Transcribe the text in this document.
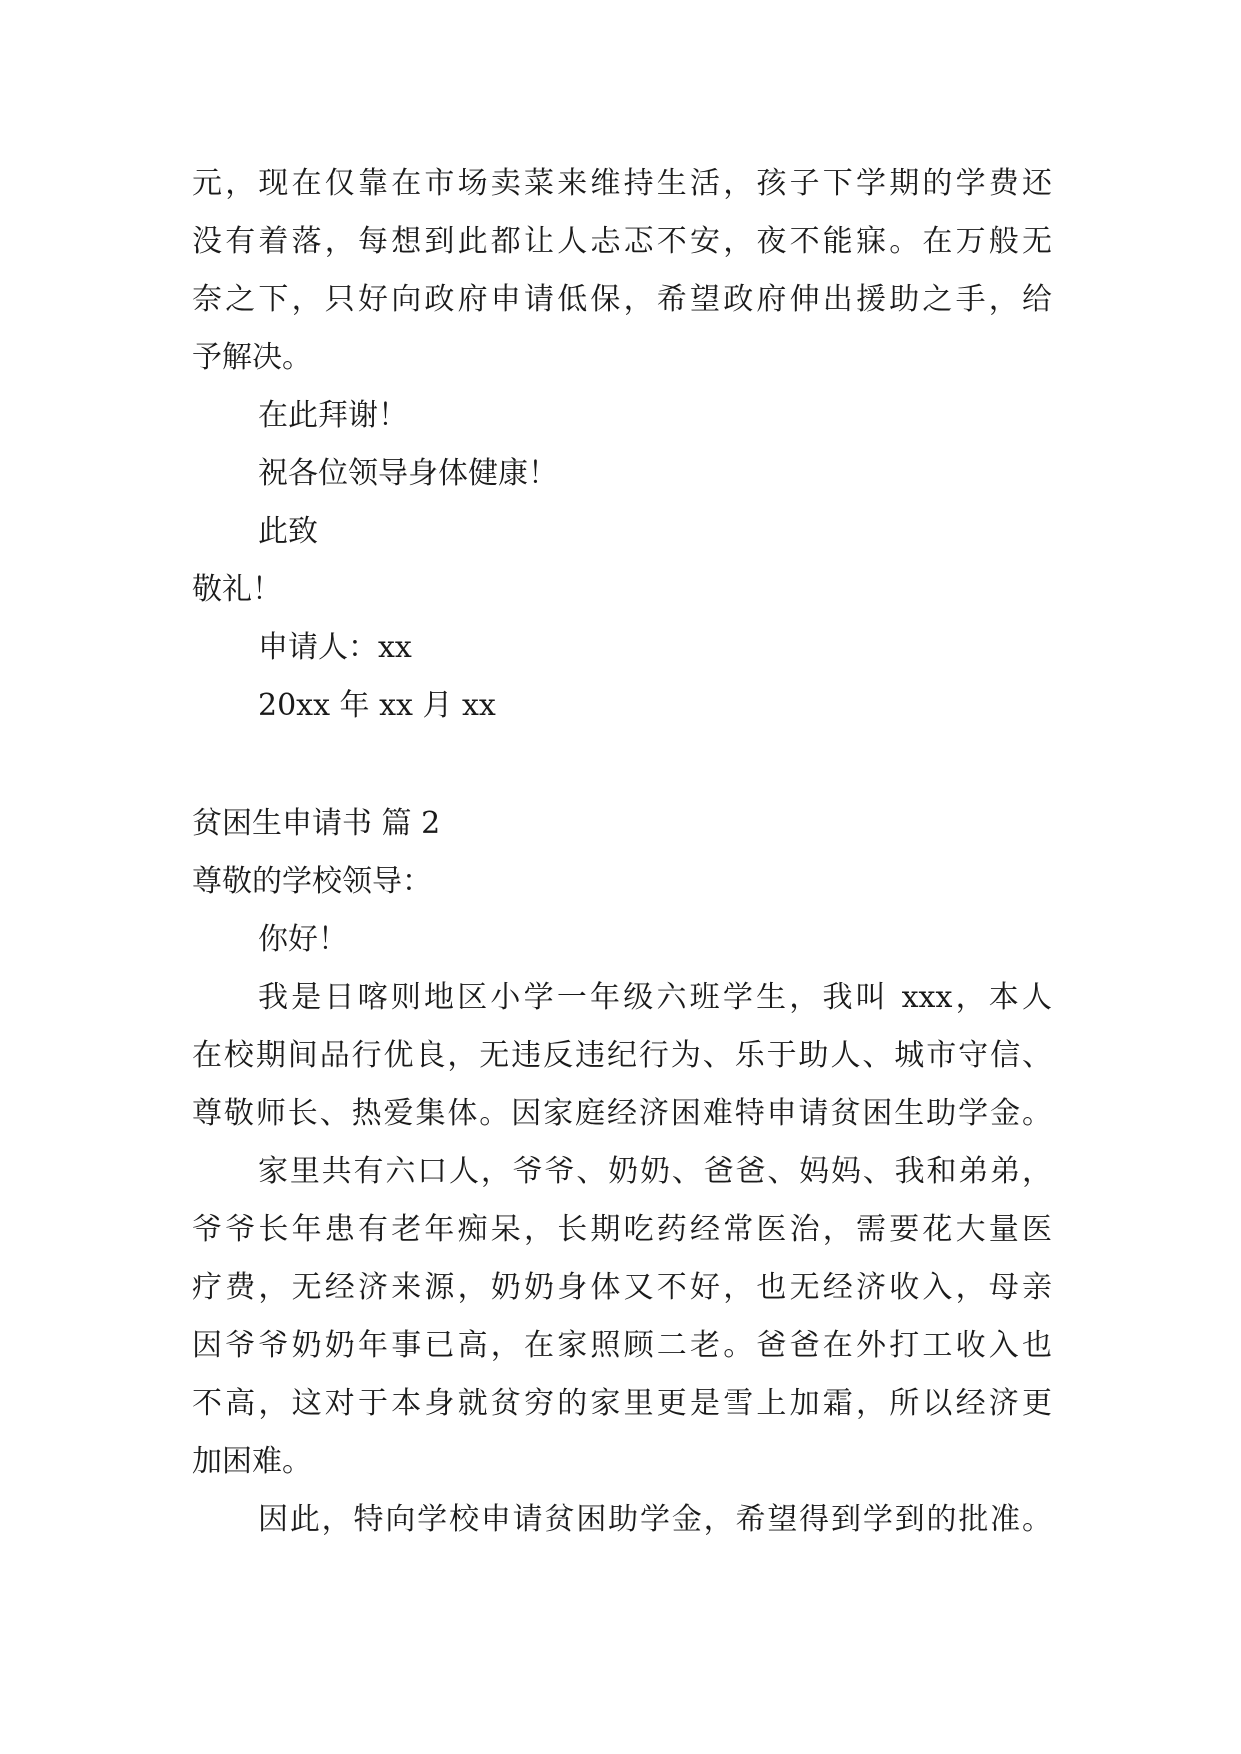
元，现在仅靠在市场卖菜来维持生活，孩子下学期的学费还
没有着落，每想到此都让人忐忑不安，夜不能寐。在万般无
奈之下，只好向政府申请低保，希望政府伸出援助之手，给
予解决。
在此拜谢！
祝各位领导身体健康！
此致
敬礼！
申请人：xx
20xx 年 xx 月 xx
贫困生申请书 篇 2
尊敬的学校领导：
你好！
我是日喀则地区小学一年级六班学生，我叫 xxx，本人
在校期间品行优良，无违反违纪行为、乐于助人、城市守信、
尊敬师长、热爱集体。因家庭经济困难特申请贫困生助学金。
家里共有六口人，爷爷、奶奶、爸爸、妈妈、我和弟弟，
爷爷长年患有老年痴呆，长期吃药经常医治，需要花大量医
疗费，无经济来源，奶奶身体又不好，也无经济收入，母亲
因爷爷奶奶年事已高，在家照顾二老。爸爸在外打工收入也
不高，这对于本身就贫穷的家里更是雪上加霜，所以经济更
加困难。
因此，特向学校申请贫困助学金，希望得到学到的批准。
